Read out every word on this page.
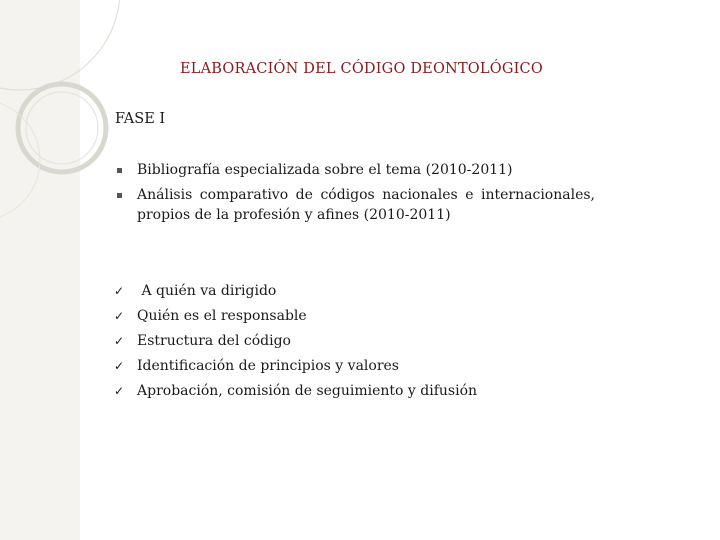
ELABORACIÓN DEL CÓDIGO DEONTOLÓGICO
FASE I
Bibliografía especializada sobre el tema (2010-2011)
Análisis comparativo de códigos nacionales e internacionales,
propios de la profesión y afines (2010-2011)
✓ A quién va dirigido
✓ Quién es el responsable
✓ Estructura del código
✓ Identificación de principios y valores
✓ Aprobación, comisión de seguimiento y difusión
